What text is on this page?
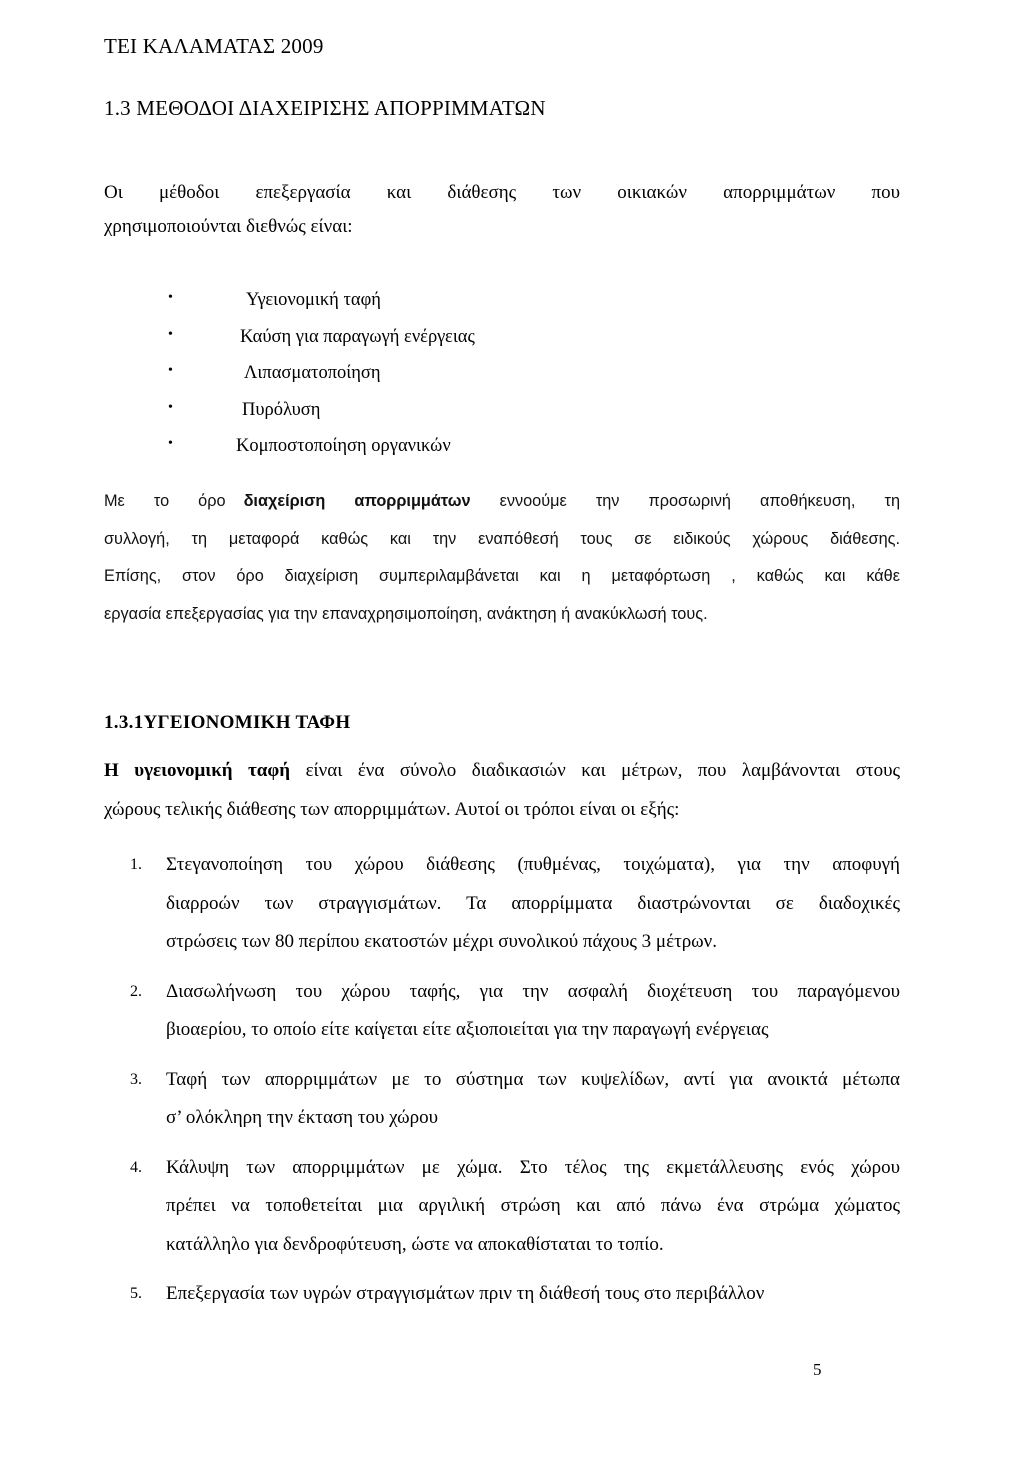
ΤΕΙ ΚΑΛΑΜΑΤΑΣ 2009
1.3 ΜΕΘΟΔΟΙ ΔΙΑΧΕΙΡΙΣΗΣ ΑΠΟΡΡΙΜΜΑΤΩΝ
Οι μέθοδοι επεξεργασία και διάθεσης των οικιακών απορριμμάτων που
χρησιμοποιούνται διεθνώς είναι:
•	Υγειονομική ταφή
•	Καύση για παραγωγή ενέργειας
•	Λιπασματοποίηση
•	Πυρόλυση
•	Κομποστοποίηση οργανικών
Με το όρο διαχείριση απορριμμάτων εννοούμε την προσωρινή αποθήκευση, τη
συλλογή, τη μεταφορά καθώς και την εναπόθεσή τους σε ειδικούς χώρους διάθεσης.
Επίσης, στον όρο διαχείριση συμπεριλαμβάνεται και η μεταφόρτωση , καθώς και κάθε
εργασία επεξεργασίας για την επαναχρησιμοποίηση, ανάκτηση ή ανακύκλωσή τους.
1.3.1ΥΓΕΙΟΝΟΜΙΚΗ ΤΑΦΗ
Η υγειονομική ταφή είναι ένα σύνολο διαδικασιών και μέτρων, που λαμβάνονται στους
χώρους τελικής διάθεσης των απορριμμάτων. Αυτοί οι τρόποι είναι οι εξής:
1. Στεγανοποίηση του χώρου διάθεσης (πυθμένας, τοιχώματα), για την αποφυγή
διαρροών των στραγγισμάτων. Τα απορρίμματα διαστρώνονται σε διαδοχικές
στρώσεις των 80 περίπου εκατοστών μέχρι συνολικού πάχους 3 μέτρων.
2. Διασωλήνωση του χώρου ταφής, για την ασφαλή διοχέτευση του παραγόμενου
βιοαερίου, το οποίο είτε καίγεται είτε αξιοποιείται για την παραγωγή ενέργειας
3. Ταφή των απορριμμάτων με το σύστημα των κυψελίδων, αντί για ανοικτά μέτωπα
σ’ ολόκληρη την έκταση του χώρου
4. Κάλυψη των απορριμμάτων με χώμα. Στο τέλος της εκμετάλλευσης ενός χώρου
πρέπει να τοποθετείται μια αργιλική στρώση και από πάνω ένα στρώμα χώματος
κατάλληλο για δενδροφύτευση, ώστε να αποκαθίσταται το τοπίο.
5. Επεξεργασία των υγρών στραγγισμάτων πριν τη διάθεσή τους στο περιβάλλον
5
